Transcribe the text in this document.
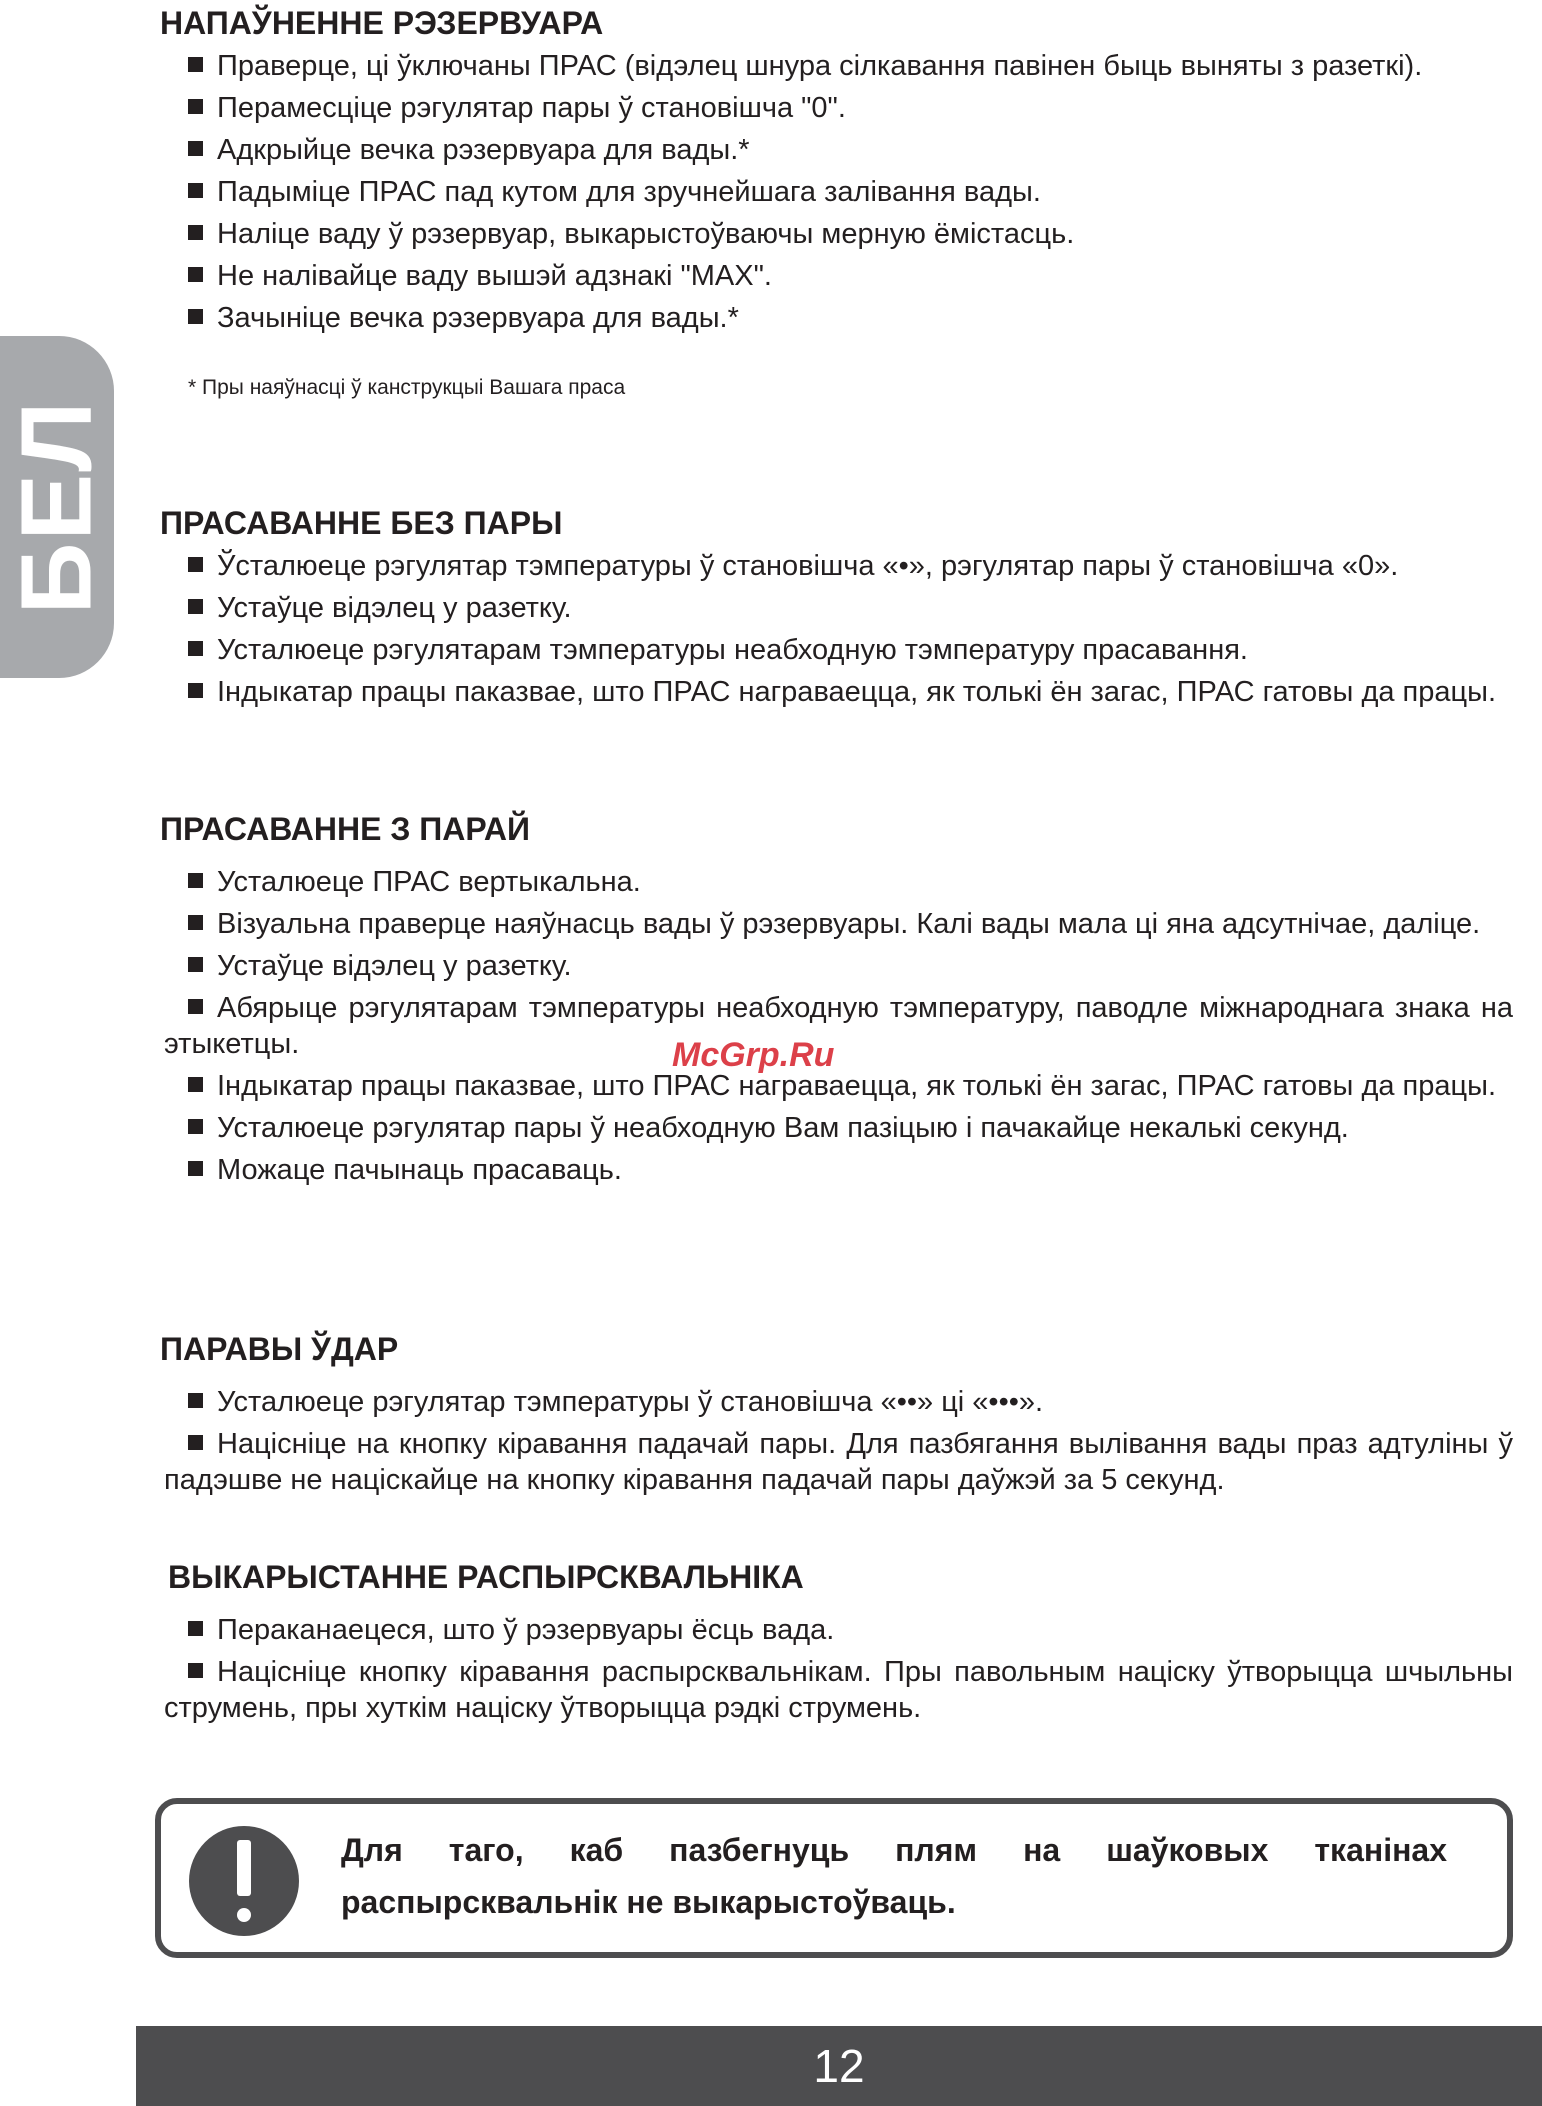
БЕЛ
НАПАЎНЕННЕ РЭЗЕРВУАРА
Праверце, ці ўключаны ПРАС (відэлец шнура сілкавання павінен быць выняты з разеткі).
Перамесціце рэгулятар пары ў становішча "0".
Адкрыйце вечка рэзервуара для вады.*
Падыміце ПРАС пад кутом для зручнейшага залівання вады.
Наліце ваду ў рэзервуар, выкарыстоўваючы мерную ёмістасць.
Не налівайце ваду вышэй адзнакі "MAX".
Зачыніце вечка рэзервуара для вады.*
* Пры наяўнасці ў канструкцыі Вашага праса
ПРАСАВАННЕ БЕЗ ПАРЫ
Ўсталюеце рэгулятар тэмпературы ў становішча «•», рэгулятар пары ў становішча «0».
Устаўце відэлец у разетку.
Усталюеце рэгулятарам тэмпературы неабходную тэмпературу прасавання.
Індыкатар працы паказвае, што ПРАС награваецца, як толькі ён загас, ПРАС гатовы да працы.
ПРАСАВАННЕ З ПАРАЙ
Усталюеце ПРАС вертыкальна.
Візуальна праверце наяўнасць вады ў рэзервуары. Калі вады мала ці яна адсутнічае, даліце.
Устаўце відэлец у разетку.
Абярыце рэгулятарам тэмпературы неабходную тэмпературу, паводле міжнароднага знака на этыкетцы.
Індыкатар працы паказвае, што ПРАС награваецца, як толькі ён загас, ПРАС гатовы да працы.
Усталюеце рэгулятар пары ў неабходную Вам пазіцыю і пачакайце некалькі секунд.
Можаце пачынаць прасаваць.
ПАРАВЫ ЎДАР
Усталюеце рэгулятар тэмпературы ў становішча «••» ці «•••».
Націсніце на кнопку кіравання падачай пары. Для пазбягання вылівання вады праз адтуліны ў падэшве не націскайце на кнопку кіравання падачай пары даўжэй за 5 секунд.
ВЫКАРЫСТАННЕ РАСПЫРСКВАЛЬНІКА
Пераканаецеся, што ў рэзервуары ёсць вада.
Націсніце кнопку кіравання распырсквальнікам. Пры павольным націску ўтворыцца шчыльны струмень, пры хуткім націску ўтворыцца рэдкі струмень.
McGrp.Ru
Для таго, каб пазбегнуць плям на шаўковых тканінах распырсквальнік не выкарыстоўваць.
12
